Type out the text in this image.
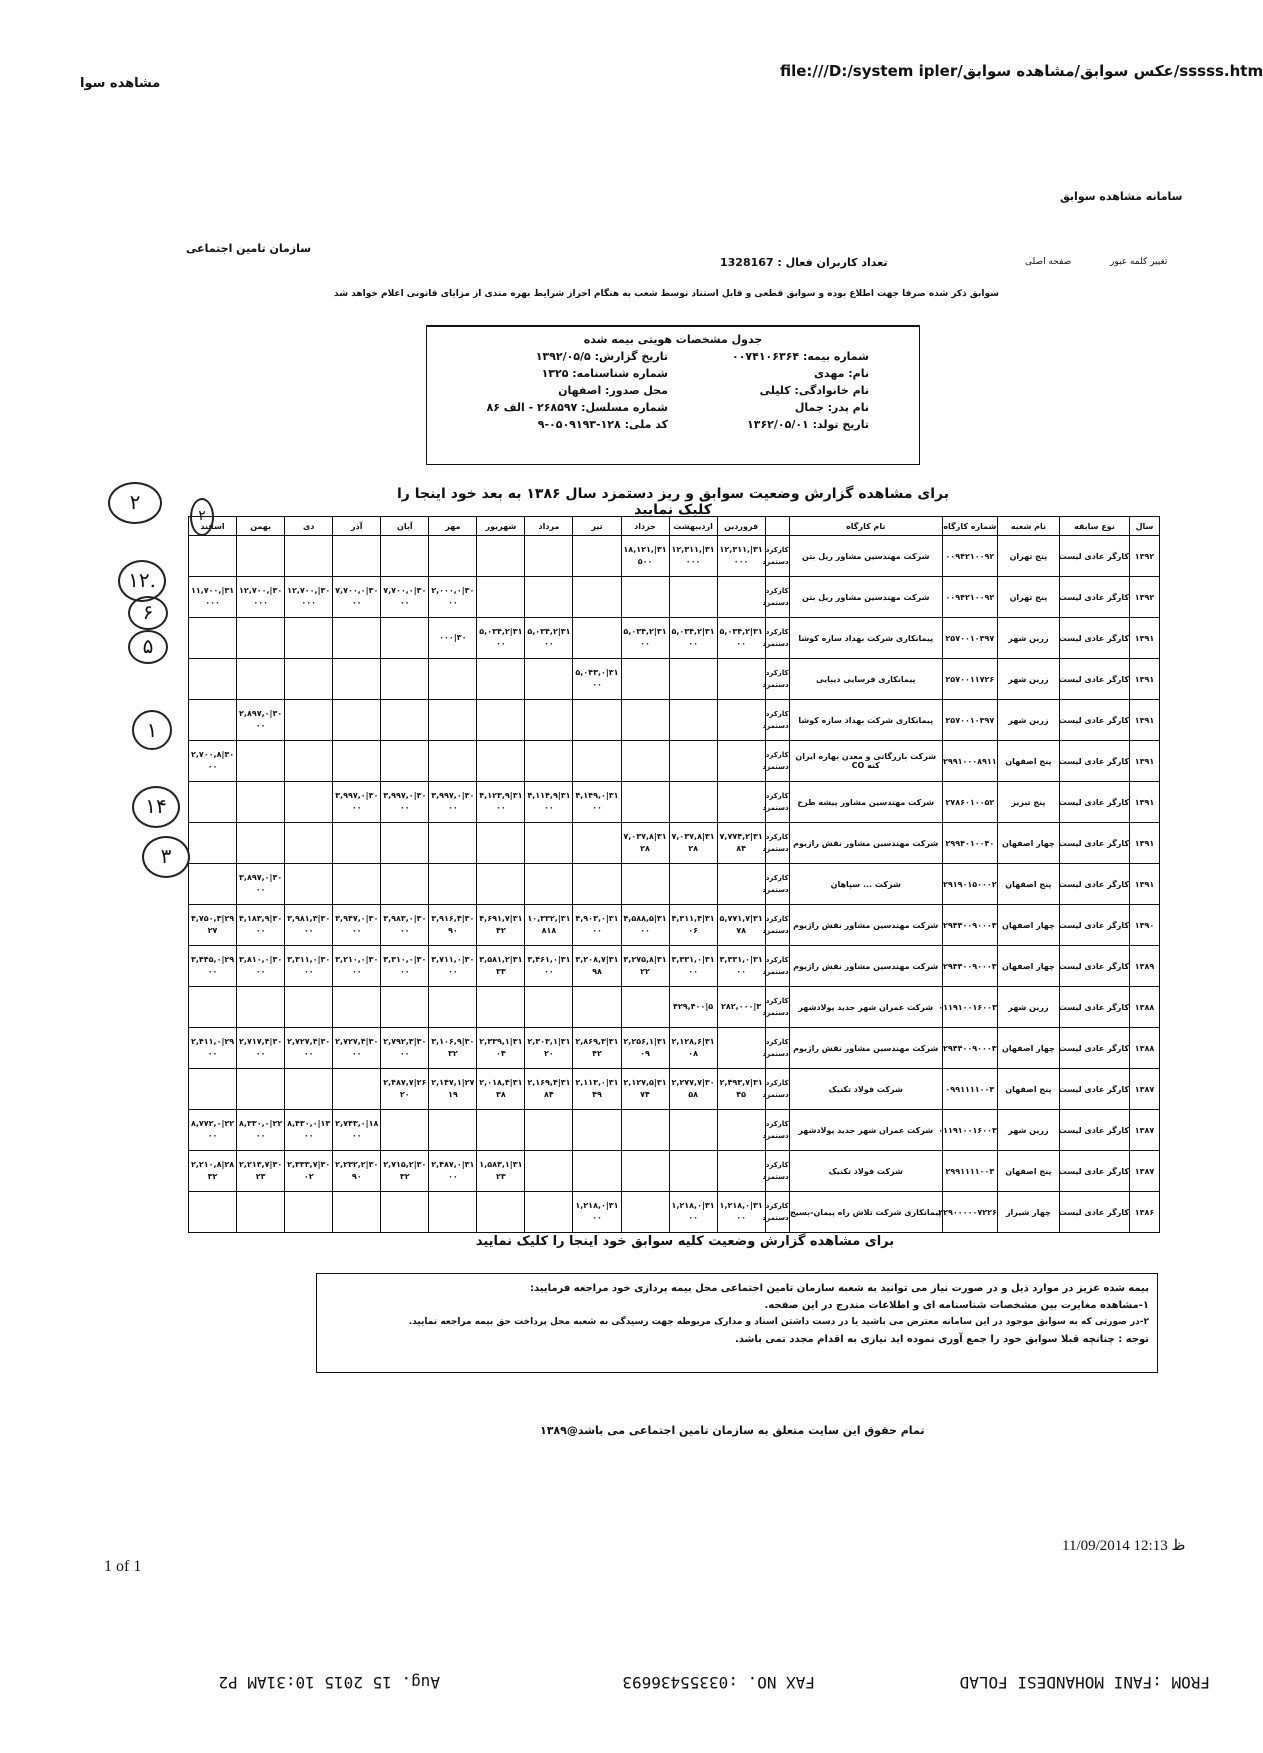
مشاهده سوا
file:///D:/system ipler/عکس سوابق/مشاهده سوابق/sssss.htm
سامانه مشاهده سوابق
سازمان تامین اجتماعی
تغییر کلمه عبور
صفحه اصلی
تعداد کاربران فعال : 1328167
سوابق ذکر شده صرفا جهت اطلاع بوده و سوابق قطعی و قابل استناد توسط شعب به هنگام احراز شرایط بهره مندی از مزایای قانونی اعلام خواهد شد
جدول مشخصات هویتی بیمه شده
شماره بیمه: ۰۰۷۴۱۰۶۳۶۴
تاریخ گزارش: ۱۳۹۲/۰۵/۵
نام: مهدی
شماره شناسنامه: ۱۳۲۵
نام خانوادگی: کلیلی
محل صدور: اصفهان
نام پدر: جمال
شماره مسلسل: ۲۶۸۵۹۷ - الف ۸۶
تاریخ تولد: ۱۳۶۲/۰۵/۰۱
کد ملی: ۱۲۸-۰۵۰۹۱۹۳-۹
برای مشاهده گزارش وضعیت سوابق و ریز دستمزد سال ۱۳۸۶ به بعد خود اینجا را کلیک نمایید
سال	نوع سابقه	نام شعبه	شماره کارگاه	نام کارگاه		فروردین	اردیبهشت	خرداد	تیر	مرداد	شهریور	مهر	آبان	آذر	دی	بهمن	اسفند
۱۳۹۲	کارگر عادی لیست	پنج تهران	۰۰۹۴۲۱۰۰۹۲	شرکت مهندسین مشاور ریل بتن	کارکرد
دستمزد	۳۱|۱۲,۳۱۱,۰۰۰	۳۱|۱۲,۳۱۱,۰۰۰	۳۱|۱۸,۱۲۱,۵۰۰									
۱۳۹۲	کارگر عادی لیست	پنج تهران	۰۰۹۴۲۱۰۰۹۲	شرکت مهندسین مشاور ریل بتن	کارکرد
دستمزد							۳۰|۲,۰۰۰,۰۰۰	۳۰|۷,۷۰۰,۰۰۰	۳۰|۷,۷۰۰,۰۰۰	۳۰|۱۲,۷۰۰,۰۰۰	۳۰|۱۲,۷۰۰,۰۰۰	۳۱|۱۱,۷۰۰,۰۰۰
۱۳۹۱	کارگر عادی لیست	زرین شهر	۲۵۷۰۰۱۰۳۹۷	پیمانکاری شرکت بهداد سازه کوشا	کارکرد
دستمزد	۳۱|۵,۰۳۴,۲۰۰	۳۱|۵,۰۳۴,۲۰۰	۳۱|۵,۰۳۴,۲۰۰		۳۱|۵,۰۳۴,۲۰۰	۳۱|۵,۰۳۴,۲۰۰	۳۰|۰۰۰					
۱۳۹۱	کارگر عادی لیست	زرین شهر	۲۵۷۰۰۱۱۷۲۶	پیمانکاری فرسایی دیبایی	کارکرد
دستمزد				۳۱|۵,۰۴۳,۰۰۰								
۱۳۹۱	کارگر عادی لیست	زرین شهر	۲۵۷۰۰۱۰۳۹۷	پیمانکاری شرکت بهداد سازه کوشا	کارکرد
دستمزد											۳۰|۲,۸۹۷,۰۰۰	
۱۳۹۱	کارگر عادی لیست	پنج اصفهان	۲۹۹۱۰۰۰۸۹۱۱	شرکت بازرگانی و معدن بهاره ایران کنه CO	کارکرد
دستمزد												۳۰|۲,۷۰۰,۸۰۰
۱۳۹۱	کارگر عادی لیست	پنج تبریز	۲۷۸۶۰۱۰۰۵۲	شرکت مهندسین مشاور پیشه طرح	کارکرد
دستمزد				۳۱|۴,۱۴۹,۰۰۰	۳۱|۴,۱۱۴,۹۰۰	۳۱|۴,۱۲۳,۹۰۰	۳۰|۳,۹۹۷,۰۰۰	۳۰|۳,۹۹۷,۰۰۰	۳۰|۳,۹۹۷,۰۰۰			
۱۳۹۱	کارگر عادی لیست	چهار اصفهان	۲۹۹۴۰۱۰۰۴۰	شرکت مهندسین مشاور نقش راژیوم	کارکرد
دستمزد	۳۱|۷,۷۷۴,۲۸۴	۳۱|۷,۰۳۷,۸۲۸	۳۱|۷,۰۳۷,۸۲۸									
۱۳۹۱	کارگر عادی لیست	پنج اصفهان	۲۹۱۹۰۱۵۰۰۰۲	شرکت ... سپاهان	کارکرد
دستمزد											۳۰|۳,۸۹۷,۰۰۰	
۱۳۹۰	کارگر عادی لیست	چهار اصفهان	۲۹۴۴۰۰۹۰۰۰۳	شرکت مهندسین مشاور نقش راژیوم	کارکرد
دستمزد	۳۱|۵,۷۷۱,۷۷۸	۳۱|۴,۳۱۱,۴۰۶	۳۱|۴,۵۸۸,۵۰۰	۳۱|۴,۹۰۳,۰۰۰	۳۱|۱۰,۳۳۲,۸۱۸	۳۱|۴,۶۹۱,۷۴۲	۳۰|۳,۹۱۶,۴۹۰	۳۰|۳,۹۸۳,۰۰۰	۳۰|۳,۹۴۷,۰۰۰	۳۰|۳,۹۸۱,۳۰۰	۳۰|۴,۱۸۳,۹۰۰	۲۹|۴,۷۵۰,۳۲۷
۱۳۸۹	کارگر عادی لیست	چهار اصفهان	۲۹۴۴۰۰۹۰۰۰۳	شرکت مهندسین مشاور نقش راژیوم	کارکرد
دستمزد	۳۱|۳,۳۳۱,۰۰۰	۳۱|۳,۳۳۱,۰۰۰	۳۱|۳,۲۷۵,۸۲۲	۳۱|۳,۲۰۸,۷۹۸	۳۱|۳,۴۶۱,۰۰۰	۳۱|۳,۵۸۱,۲۳۳	۳۰|۳,۷۱۱,۰۰۰	۳۰|۳,۳۱۰,۰۰۰	۳۰|۳,۲۱۰,۰۰۰	۳۰|۳,۳۱۱,۰۰۰	۳۰|۳,۸۱۰,۰۰۰	۲۹|۳,۴۴۵,۰۰۰
۱۳۸۸	کارگر عادی لیست	زرین شهر	۰۱۱۹۱۰۰۱۶۰۰۳	شرکت عمران شهر جدید پولادشهر	کارکرد
دستمزد	۳|۲۸۲,۰۰۰	۵|۴۲۹,۴۰۰										
۱۳۸۸	کارگر عادی لیست	چهار اصفهان	۲۹۴۴۰۰۹۰۰۰۳	شرکت مهندسین مشاور نقش راژیوم	کارکرد
دستمزد		۳۱|۲,۱۲۸,۶۰۸	۳۱|۲,۲۵۶,۱۰۹	۳۱|۲,۸۶۹,۳۴۲	۳۱|۲,۳۰۳,۱۲۰	۳۱|۲,۳۳۹,۱۰۴	۳۰|۳,۱۰۶,۹۳۲	۳۰|۲,۷۹۲,۳۰۰	۳۰|۲,۷۲۷,۴۰۰	۳۰|۲,۷۲۷,۴۰۰	۳۰|۲,۷۱۷,۴۰۰	۲۹|۲,۴۱۱,۰۰۰
۱۳۸۷	کارگر عادی لیست	پنج اصفهان	۰۹۹۱۱۱۱۰۰۳	شرکت فولاد تکنیک	کارکرد
دستمزد	۳۱|۲,۴۹۳,۷۴۵	۳۰|۲,۲۷۷,۷۵۸	۳۱|۲,۱۲۷,۵۷۴	۳۱|۲,۱۱۳,۰۴۹	۳۱|۲,۱۶۹,۴۸۴	۳۱|۲,۰۱۸,۴۳۸	۲۷|۲,۱۴۷,۱۱۹	۲۶|۲,۴۸۷,۷۲۰				
۱۳۸۷	کارگر عادی لیست	زرین شهر	۰۱۱۹۱۰۰۱۶۰۰۳	شرکت عمران شهر جدید پولادشهر	کارکرد
دستمزد									۱۸|۲,۷۴۳,۰۰۰	۱۳|۸,۴۳۰,۰۰۰	۲۲|۸,۳۳۰,۰۰۰	۲۲|۸,۷۷۲,۰۰۰
۱۳۸۷	کارگر عادی لیست	پنج اصفهان	۲۹۹۱۱۱۱۰۰۳	شرکت فولاد تکنیک	کارکرد
دستمزد						۳۱|۱,۵۸۳,۱۲۳	۳۱|۲,۴۸۷,۰۰۰	۳۰|۲,۷۱۵,۲۳۲	۳۰|۲,۲۳۲,۲۹۰	۳۰|۲,۳۳۳,۷۰۲	۳۰|۲,۲۱۳,۷۲۳	۲۸|۲,۲۱۰,۸۳۲
۱۳۸۶	کارگر عادی لیست	چهار شیراز	۲۲۹۰۰۰۰۰۷۲۲۶	پیمانکاری شرکت تلاش راه پیمان-بسیج	کارکرد
دستمزد	۳۱|۱,۲۱۸,۰۰۰	۳۱|۱,۲۱۸,۰۰۰		۳۱|۱,۲۱۸,۰۰۰								
برای مشاهده گزارش وضعیت کلیه سوابق خود اینجا را کلیک نمایید
بیمه شده عزیز در موارد ذیل و در صورت نیاز می توانید به شعبه سازمان تامین اجتماعی محل بیمه پردازی خود مراجعه فرمایید:
۱-مشاهده مغایرت بین مشخصات شناسنامه ای و اطلاعات مندرج در این صفحه.
۲-در صورتی که به سوابق موجود در این سامانه معترض می باشید یا در دست داشتن اسناد و مدارک مربوطه جهت رسیدگی به شعبه محل پرداخت حق بیمه مراجعه نمایید.
توجه : چنانچه قبلا سوابق خود را جمع آوری نموده اید نیازی به اقدام مجدد نمی باشد.
تمام حقوق این سایت متعلق به سازمان تامین اجتماعی می باشد@۱۳۸۹
11/09/2014 12:13 ظ
1 of 1
FROM :FANI MOHANDESI FOLAD
FAX NO. :03355436693
Aug. 15 2015 10:31AM P2
۲
۱۲.
۶
۵
۱
۱۴
۳
۲
